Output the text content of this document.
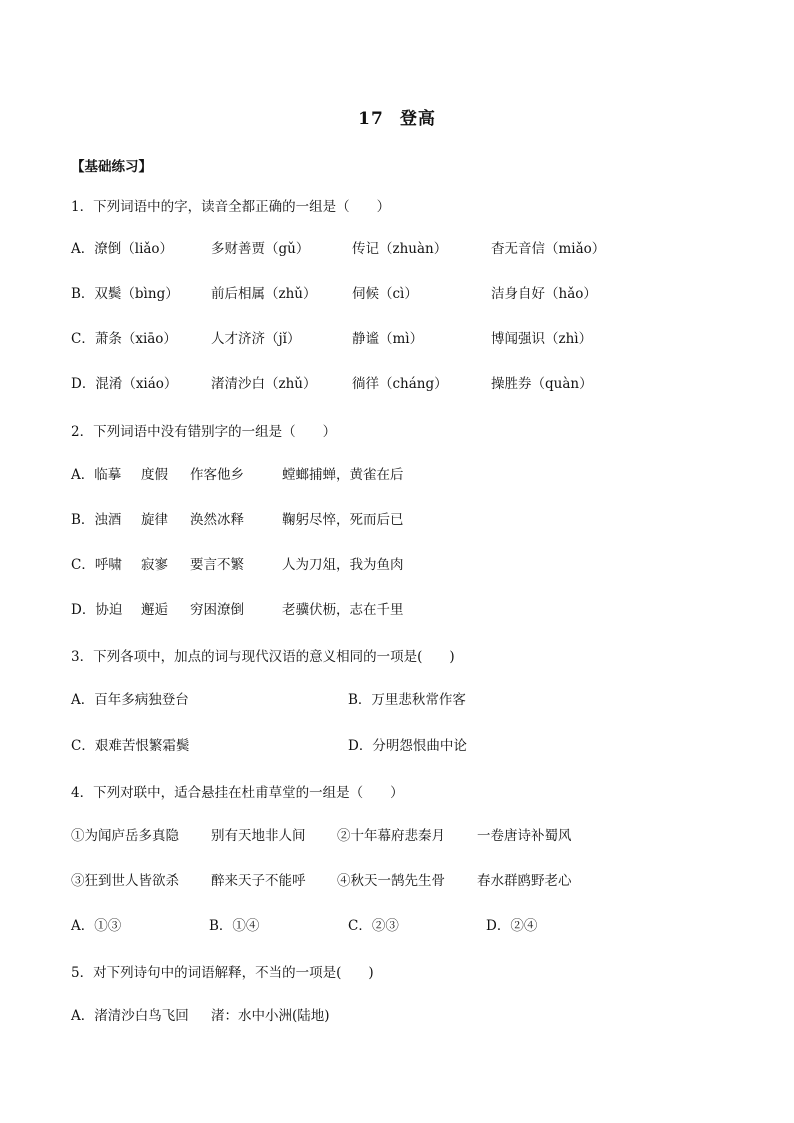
17 登高
【基础练习】
1．下列词语中的字，读音全都正确的一组是（　　）
A．潦倒（liǎo）	多财善贾（gǔ）	传记（zhuàn）	杳无音信（miǎo）
B．双鬓（bìng） 前后相属（zhǔ）	伺候（cì）	洁身自好（hǎo）
C．萧条（xiāo）	人才济济（jǐ）	静谧（mì）	博闻强识（zhì）
D．混淆（xiáo） 渚清沙白（zhǔ）	徜徉（cháng）	操胜券（quàn）
2．下列词语中没有错别字的一组是（　　）
A．临摹 度假 作客他乡	螳螂捕蝉，黄雀在后
B．浊酒 旋律 涣然冰释	鞠躬尽悴，死而后已
C．呼啸 寂寥 要言不繁	人为刀俎，我为鱼肉
D．协迫 邂逅 穷困潦倒	老骥伏枥，志在千里
3．下列各项中，加点的词与现代汉语的意义相同的一项是(　　)
A．百年多病独登台	B．万里悲秋常作客
C．艰难苦恨繁霜鬓	D．分明怨恨曲中论
4．下列对联中，适合悬挂在杜甫草堂的一组是（　　）
①为闻庐岳多真隐 别有天地非人间 ②十年幕府悲秦月 一卷唐诗补蜀风
③狂到世人皆欲杀 醉来天子不能呼 ④秋天一鹄先生骨 春水群鸥野老心
A．①③	B．①④	C．②③	D．②④
5．对下列诗句中的词语解释，不当的一项是(　　)
A．渚清沙白鸟飞回 渚：水中小洲(陆地)
